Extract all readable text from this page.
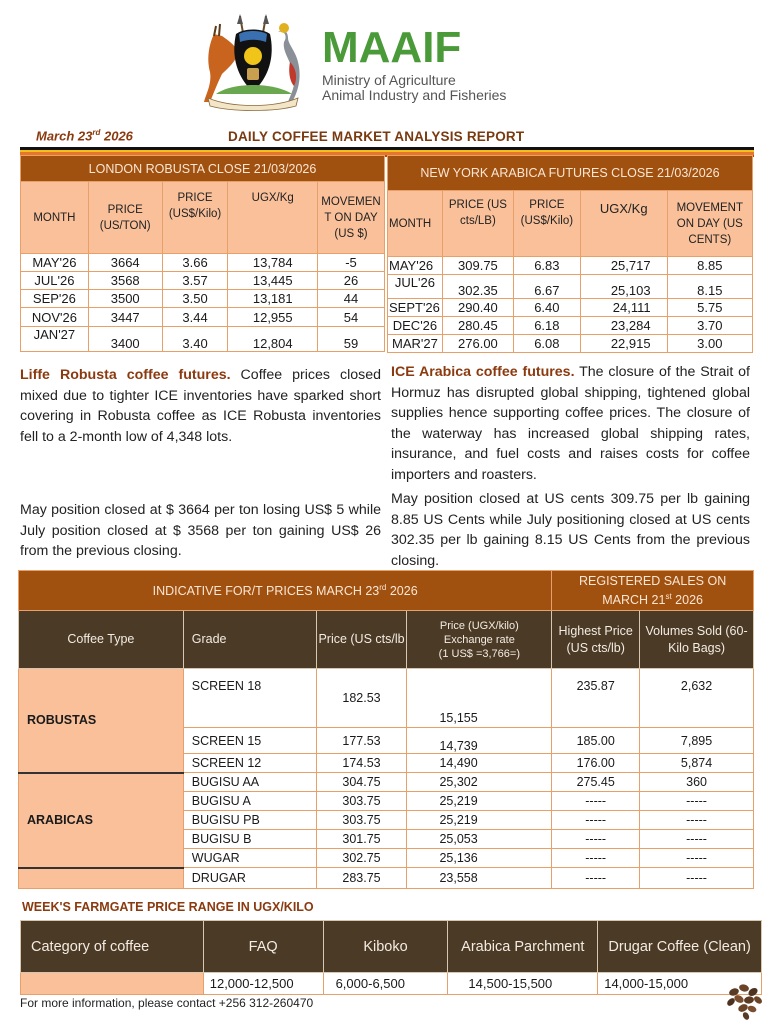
MAAIF
Ministry of Agriculture
Animal Industry and Fisheries
March 23rd 2026	DAILY COFFEE MARKET ANALYSIS REPORT
LONDON ROBUSTA CLOSE 21/03/2026				
MONTH	PRICE (US/TON)	PRICE (US$/Kilo)	UGX/Kg	MOVEMEN T ON DAY (US $)
MAY'26	3664	3.66	13,784	-5
JUL'26	3568	3.57	13,445	26
SEP'26	3500	3.50	13,181	44
NOV'26	3447	3.44	12,955	54
JAN'27	3400	3.40	12,804	59
NEW YORK ARABICA FUTURES CLOSE 21/03/2026				
MONTH	PRICE (US cts/LB)	PRICE (US$/Kilo)	UGX/Kg	MOVEMENT ON DAY (US CENTS)
MAY'26	309.75	6.83	25,717	8.85
JUL'26	302.35	6.67	25,103	8.15
SEPT'26	290.40	6.40	24,111	5.75
DEC'26	280.45	6.18	23,284	3.70
MAR'27	276.00	6.08	22,915	3.00
Liffe Robusta coffee futures. Coffee prices closed mixed due to tighter ICE inventories have sparked short covering in Robusta coffee as ICE Robusta inventories fell to a 2-month low of 4,348 lots.
May position closed at $ 3664 per ton losing US$ 5 while July position closed at $ 3568 per ton gaining US$ 26 from the previous closing.
ICE Arabica coffee futures. The closure of the Strait of Hormuz has disrupted global shipping, tightened global supplies hence supporting coffee prices. The closure of the waterway has increased global shipping rates, insurance, and fuel costs and raises costs for coffee importers and roasters.
May position closed at US cents 309.75 per lb gaining 8.85 US Cents while July positioning closed at US cents 302.35 per lb gaining 8.15 US Cents from the previous closing.
INDICATIVE FOR/T PRICES MARCH 23rd 2026				REGISTERED SALES ON
MARCH 21st 2026	
Coffee Type	Grade	Price (US cts/lb	Price (UGX/kilo)
Exchange rate
(1 US$ =3,766=)	Highest Price (US cts/lb)	Volumes Sold (60-Kilo Bags)
ROBUSTAS	SCREEN 18	182.53	15,155	235.87	2,632
	SCREEN 15	177.53	14,739	185.00	7,895
	SCREEN 12	174.53	14,490	176.00	5,874
ARABICAS	BUGISU AA	304.75	25,302	275.45	360
	BUGISU A	303.75	25,219	-----	-----
	BUGISU PB	303.75	25,219	-----	-----
	BUGISU B	301.75	25,053	-----	-----
	WUGAR	302.75	25,136	-----	-----
	DRUGAR	283.75	23,558	-----	-----
WEEK'S FARMGATE PRICE RANGE IN UGX/KILO
Category of coffee	FAQ	Kiboko	Arabica Parchment	Drugar Coffee (Clean)
	12,000-12,500	6,000-6,500	14,500-15,500	14,000-15,000
For more information, please contact +256 312-260470
